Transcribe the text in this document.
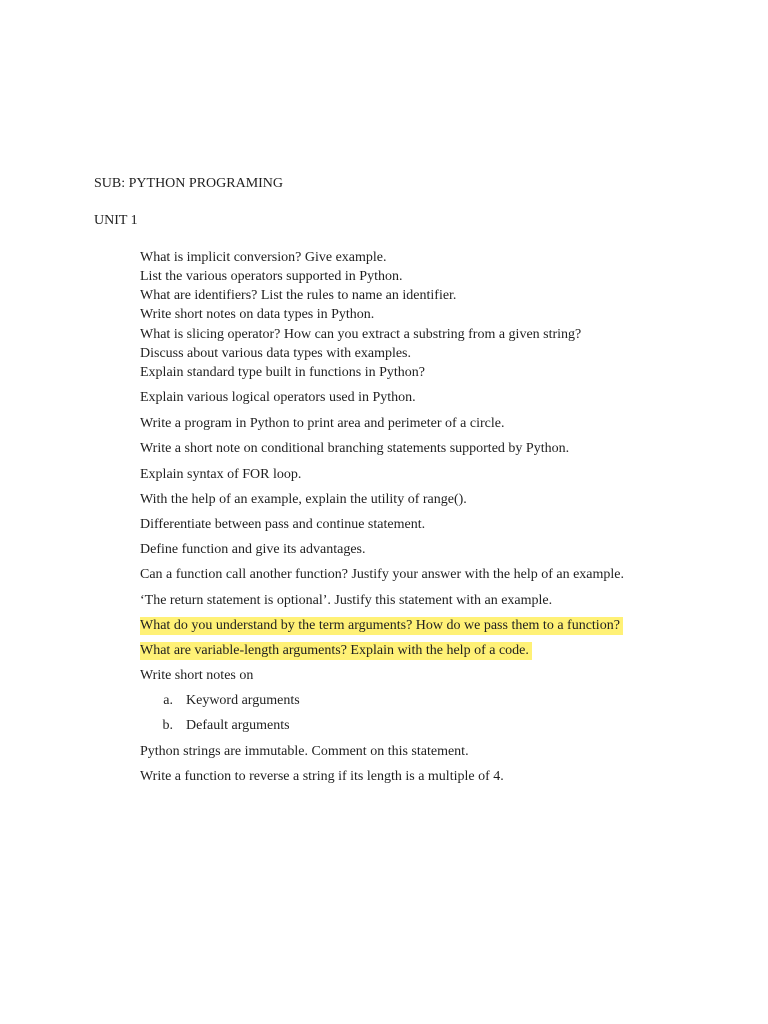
SUB: PYTHON PROGRAMING
UNIT 1
What is implicit conversion? Give example.
List the various operators supported in Python.
What are identifiers? List the rules to name an identifier.
Write short notes on data types in Python.
What is slicing operator? How can you extract a substring from a given string?
Discuss about various data types with examples.
Explain standard type built in functions in Python?
Explain various logical operators used in Python.
Write a program in Python to print area and perimeter of a circle.
Write a short note on conditional branching statements supported by Python.
Explain syntax of FOR loop.
With the help of an example, explain the utility of range().
Differentiate between pass and continue statement.
Define function and give its advantages.
Can a function call another function? Justify your answer with the help of an example.
‘The return statement is optional’. Justify this statement with an example.
What do you understand by the term arguments? How do we pass them to a function?
What are variable-length arguments? Explain with the help of a code.
Write short notes on
a. Keyword arguments
b. Default arguments
Python strings are immutable. Comment on this statement.
Write a function to reverse a string if its length is a multiple of 4.
